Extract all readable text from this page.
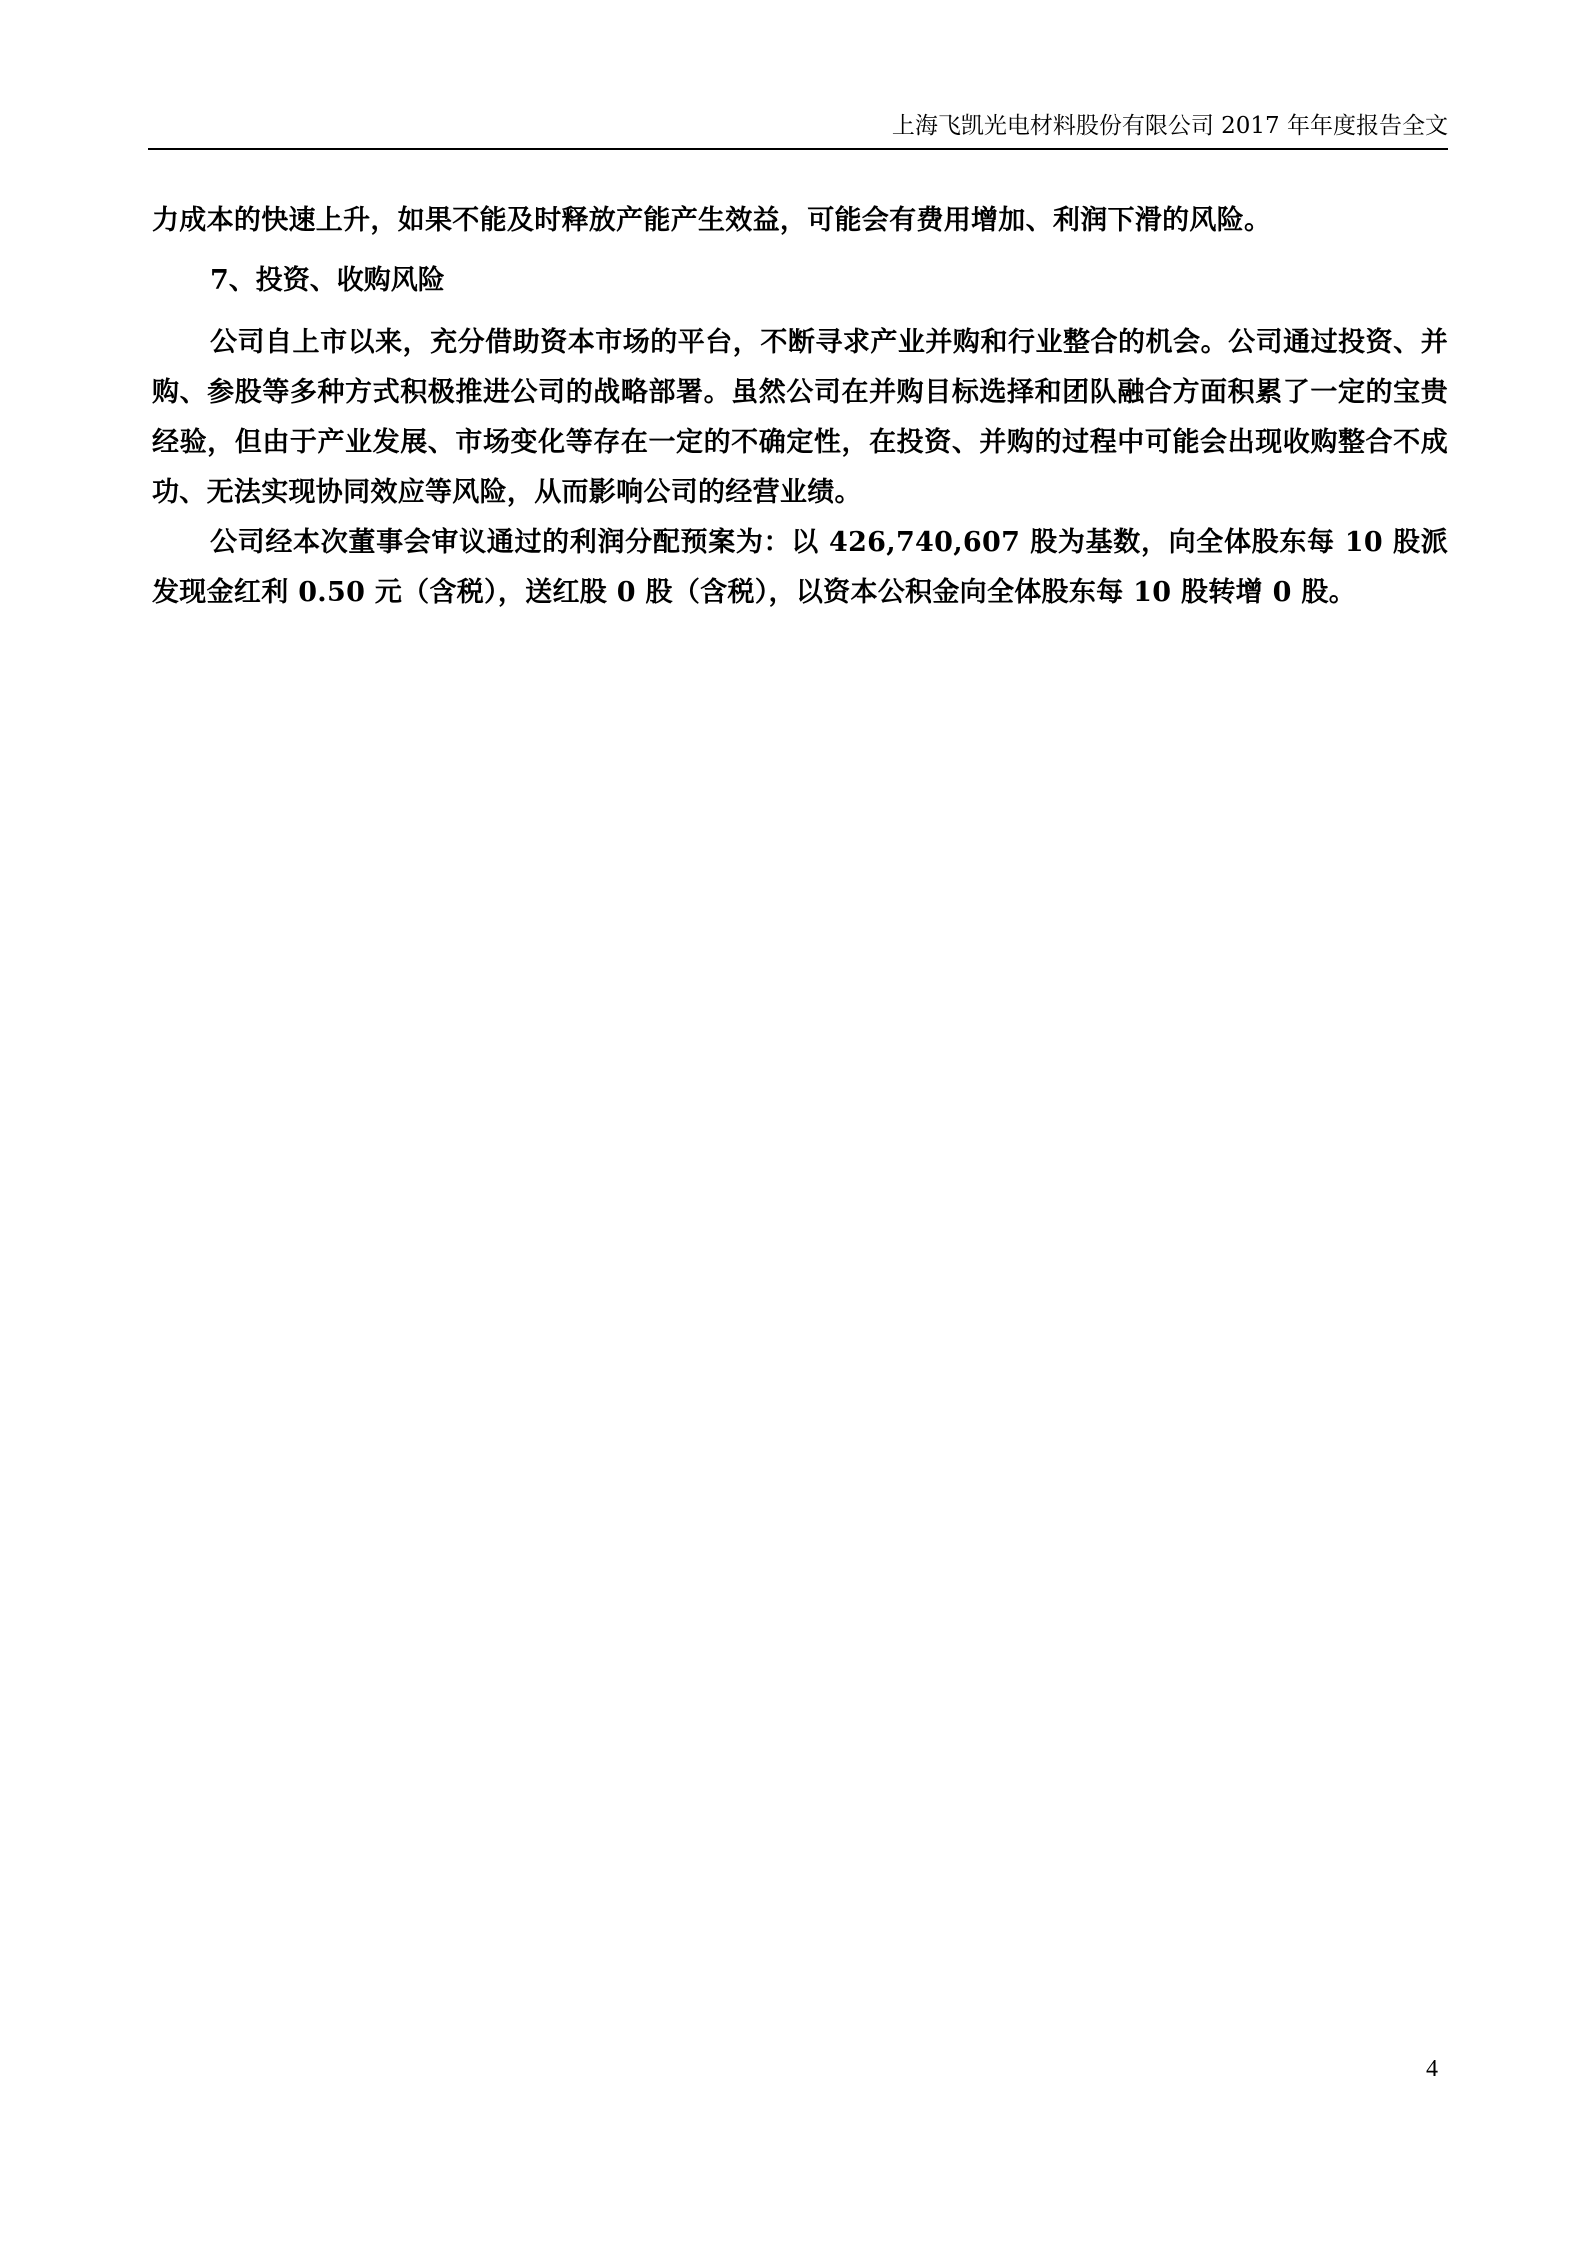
上海飞凯光电材料股份有限公司 2017 年年度报告全文

力成本的快速上升，如果不能及时释放产能产生效益，可能会有费用增加、利润下滑的风险。

7、投资、收购风险

公司自上市以来，充分借助资本市场的平台，不断寻求产业并购和行业整合的机会。公司通过投资、并购、参股等多种方式积极推进公司的战略部署。虽然公司在并购目标选择和团队融合方面积累了一定的宝贵经验，但由于产业发展、市场变化等存在一定的不确定性，在投资、并购的过程中可能会出现收购整合不成功、无法实现协同效应等风险，从而影响公司的经营业绩。

公司经本次董事会审议通过的利润分配预案为：以 426,740,607 股为基数，向全体股东每 10 股派发现金红利 0.50 元（含税），送红股 0 股（含税），以资本公积金向全体股东每 10 股转增 0 股。

4
